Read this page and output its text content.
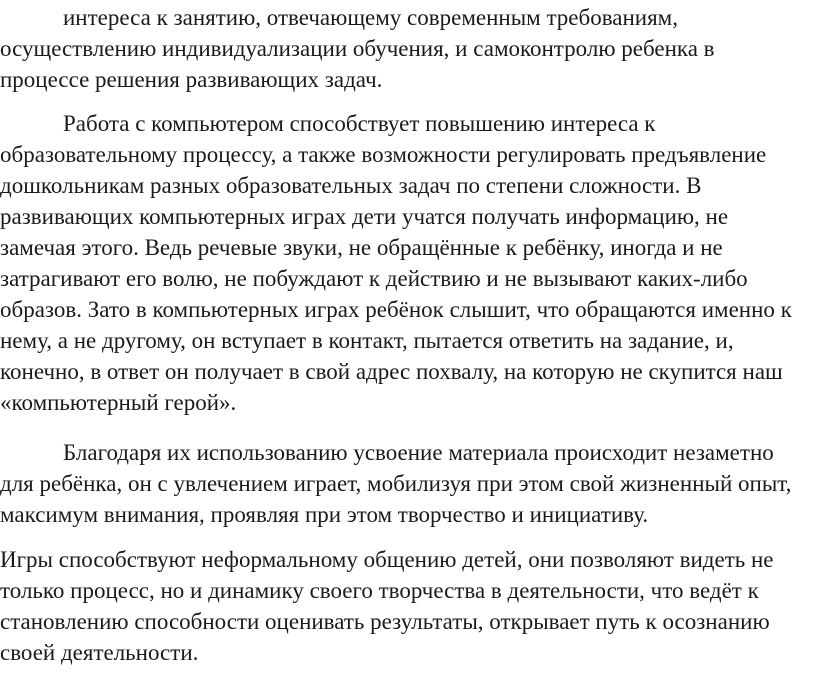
интереса к занятию, отвечающему современным требованиям, осуществлению индивидуализации обучения, и самоконтролю ребенка в процессе решения развивающих задач.

Работа с компьютером способствует повышению интереса к образовательному процессу, а также возможности регулировать предъявление дошкольникам разных образовательных задач по степени сложности. В развивающих компьютерных играх дети учатся получать информацию, не замечая этого. Ведь речевые звуки, не обращённые к ребёнку, иногда и не затрагивают его волю, не побуждают к действию и не вызывают каких-либо образов. Зато в компьютерных играх ребёнок слышит, что обращаются именно к нему, а не другому, он вступает в контакт, пытается ответить на задание, и, конечно, в ответ он получает в свой адрес похвалу, на которую не скупится наш «компьютерный герой».

Благодаря их использованию усвоение материала происходит незаметно для ребёнка, он с увлечением играет, мобилизуя при этом свой жизненный опыт, максимум внимания, проявляя при этом творчество и инициативу.

Игры способствуют неформальному общению детей, они позволяют видеть не только процесс, но и динамику своего творчества в деятельности, что ведёт к становлению способности оценивать результаты, открывает путь к осознанию своей деятельности.
